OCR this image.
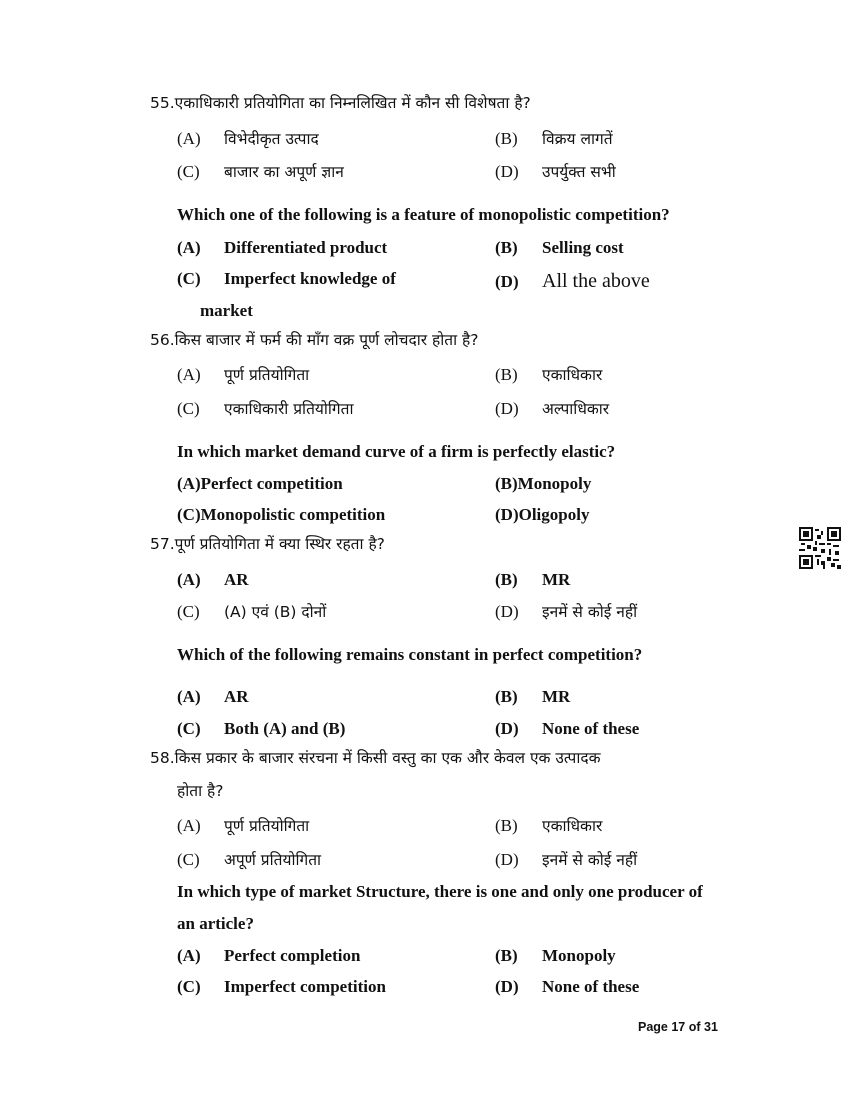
55.एकाधिकारी प्रतियोगिता का निम्नलिखित में कौन सी विशेषता है?
(A) विभेदीकृत उत्पाद	(B) विक्रय लागतें
(C) बाजार का अपूर्ण ज्ञान	(D) उपर्युक्त सभी
Which one of the following is a feature of monopolistic competition?
(A) Differentiated product	(B) Selling cost
(C) Imperfect knowledge of
market
(D) All the above
56.किस बाजार में फर्म की माँग वक्र पूर्ण लोचदार होता है?
(A) पूर्ण प्रतियोगिता	(B) एकाधिकार
(C) एकाधिकारी प्रतियोगिता	(D) अल्पाधिकार
In which market demand curve of a firm is perfectly elastic?
(A)Perfect competition	(B)Monopoly
(C)Monopolistic competition	(D)Oligopoly
57.पूर्ण प्रतियोगिता में क्या स्थिर रहता है?
(A) AR	(B) MR
(C) (A) एवं (B) दोनों	(D) इनमें से कोई नहीं
Which of the following remains constant in perfect competition?
(A) AR	(B) MR
(C) Both (A) and (B)	(D) None of these
58.किस प्रकार के बाजार संरचना में किसी वस्तु का एक और केवल एक उत्पादक
होता है?
(A) पूर्ण प्रतियोगिता	(B) एकाधिकार
(C) अपूर्ण प्रतियोगिता	(D) इनमें से कोई नहीं
In which type of market Structure, there is one and only one producer of
an article?
(A) Perfect completion	(B) Monopoly
(C) Imperfect competition	(D) None of these
Page 17 of 31
